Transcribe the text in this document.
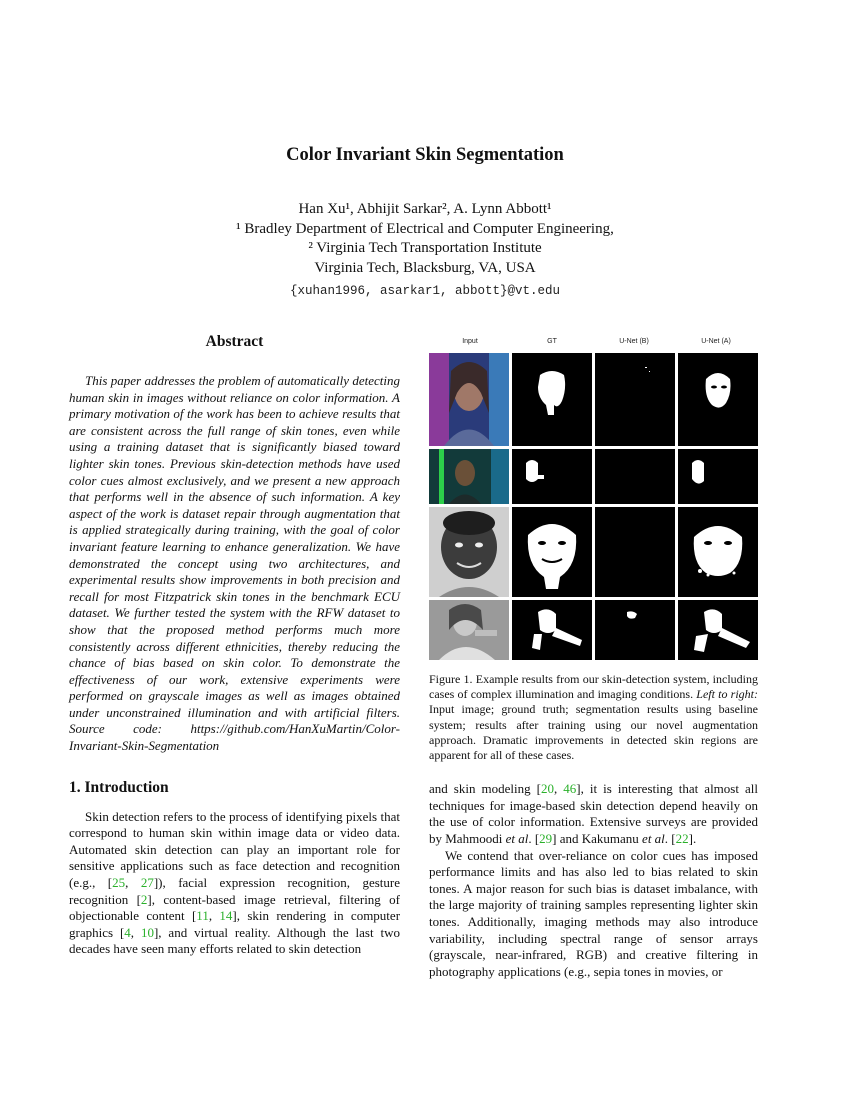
Color Invariant Skin Segmentation
Han Xu¹, Abhijit Sarkar², A. Lynn Abbott¹
¹ Bradley Department of Electrical and Computer Engineering,
² Virginia Tech Transportation Institute
Virginia Tech, Blacksburg, VA, USA
{xuhan1996, asarkar1, abbott}@vt.edu
Abstract

This paper addresses the problem of automatically detecting human skin in images without reliance on color information. A primary motivation of the work has been to achieve results that are consistent across the full range of skin tones, even while using a training dataset that is significantly biased toward lighter skin tones. Previous skin-detection methods have used color cues almost exclusively, and we present a new approach that performs well in the absence of such information. A key aspect of the work is dataset repair through augmentation that is applied strategically during training, with the goal of color invariant feature learning to enhance generalization. We have demonstrated the concept using two architectures, and experimental results show improvements in both precision and recall for most Fitzpatrick skin tones in the benchmark ECU dataset. We further tested the system with the RFW dataset to show that the proposed method performs much more consistently across different ethnicities, thereby reducing the chance of bias based on skin color. To demonstrate the effectiveness of our work, extensive experiments were performed on grayscale images as well as images obtained under unconstrained illumination and with artificial filters. Source code: https://github.com/HanXuMartin/Color-Invariant-Skin-Segmentation

1. Introduction

Skin detection refers to the process of identifying pixels that correspond to human skin within image data or video data. Automated skin detection can play an important role for sensitive applications such as face detection and recognition (e.g., [25, 27]), facial expression recognition, gesture recognition [2], content-based image retrieval, filtering of objectionable content [11, 14], skin rendering in computer graphics [4, 10], and virtual reality. Although the last two decades have seen many efforts related to skin detection

Input	GT	U-Net (B)	U-Net (A)

Figure 1. Example results from our skin-detection system, including cases of complex illumination and imaging conditions. Left to right: Input image; ground truth; segmentation results using baseline system; results after training using our novel augmentation approach. Dramatic improvements in detected skin regions are apparent for all of these cases.

and skin modeling [20, 46], it is interesting that almost all techniques for image-based skin detection depend heavily on the use of color information. Extensive surveys are provided by Mahmoodi et al. [29] and Kakumanu et al. [22].

We contend that over-reliance on color cues has imposed performance limits and has also led to bias related to skin tones. A major reason for such bias is dataset imbalance, with the large majority of training samples representing lighter skin tones. Additionally, imaging methods may also introduce variability, including spectral range of sensor arrays (grayscale, near-infrared, RGB) and creative filtering in photography applications (e.g., sepia tones in movies, or
